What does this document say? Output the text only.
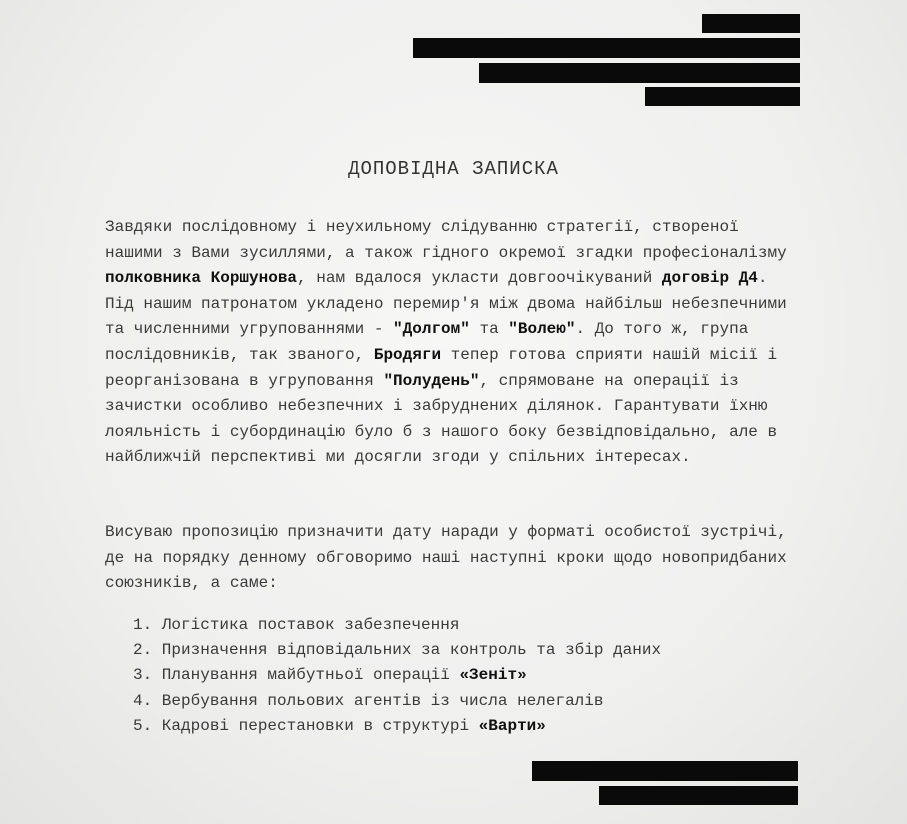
ДОПОВІДНА ЗАПИСКА
Завдяки послідовному і неухильному слідуванню стратегії, створеної
нашими з Вами зусиллями, а також гідного окремої згадки професіоналізму
полковника Коршунова, нам вдалося укласти довгоочікуваний договір Д4.
Під нашим патронатом укладено перемир'я між двома найбільш небезпечними
та численними угрупованнями - "Долгом" та "Волею". До того ж, група
послідовників, так званого, Бродяги тепер готова сприяти нашій місії і
реорганізована в угруповання "Полудень", спрямоване на операції із
зачистки особливо небезпечних і забруднених ділянок. Гарантувати їхню
лояльність і субординацію було б з нашого боку безвідповідально, але в
найближчій перспективі ми досягли згоди у спільних інтересах.
Висуваю пропозицію призначити дату наради у форматі особистої зустрічі,
де на порядку денному обговоримо наші наступні кроки щодо новопридбаних
союзників, а саме:
1. Логістика поставок забезпечення
2. Призначення відповідальних за контроль та збір даних
3. Планування майбутньої операції «Зеніт»
4. Вербування польових агентів із числа нелегалів
5. Кадрові перестановки в структурі «Варти»
